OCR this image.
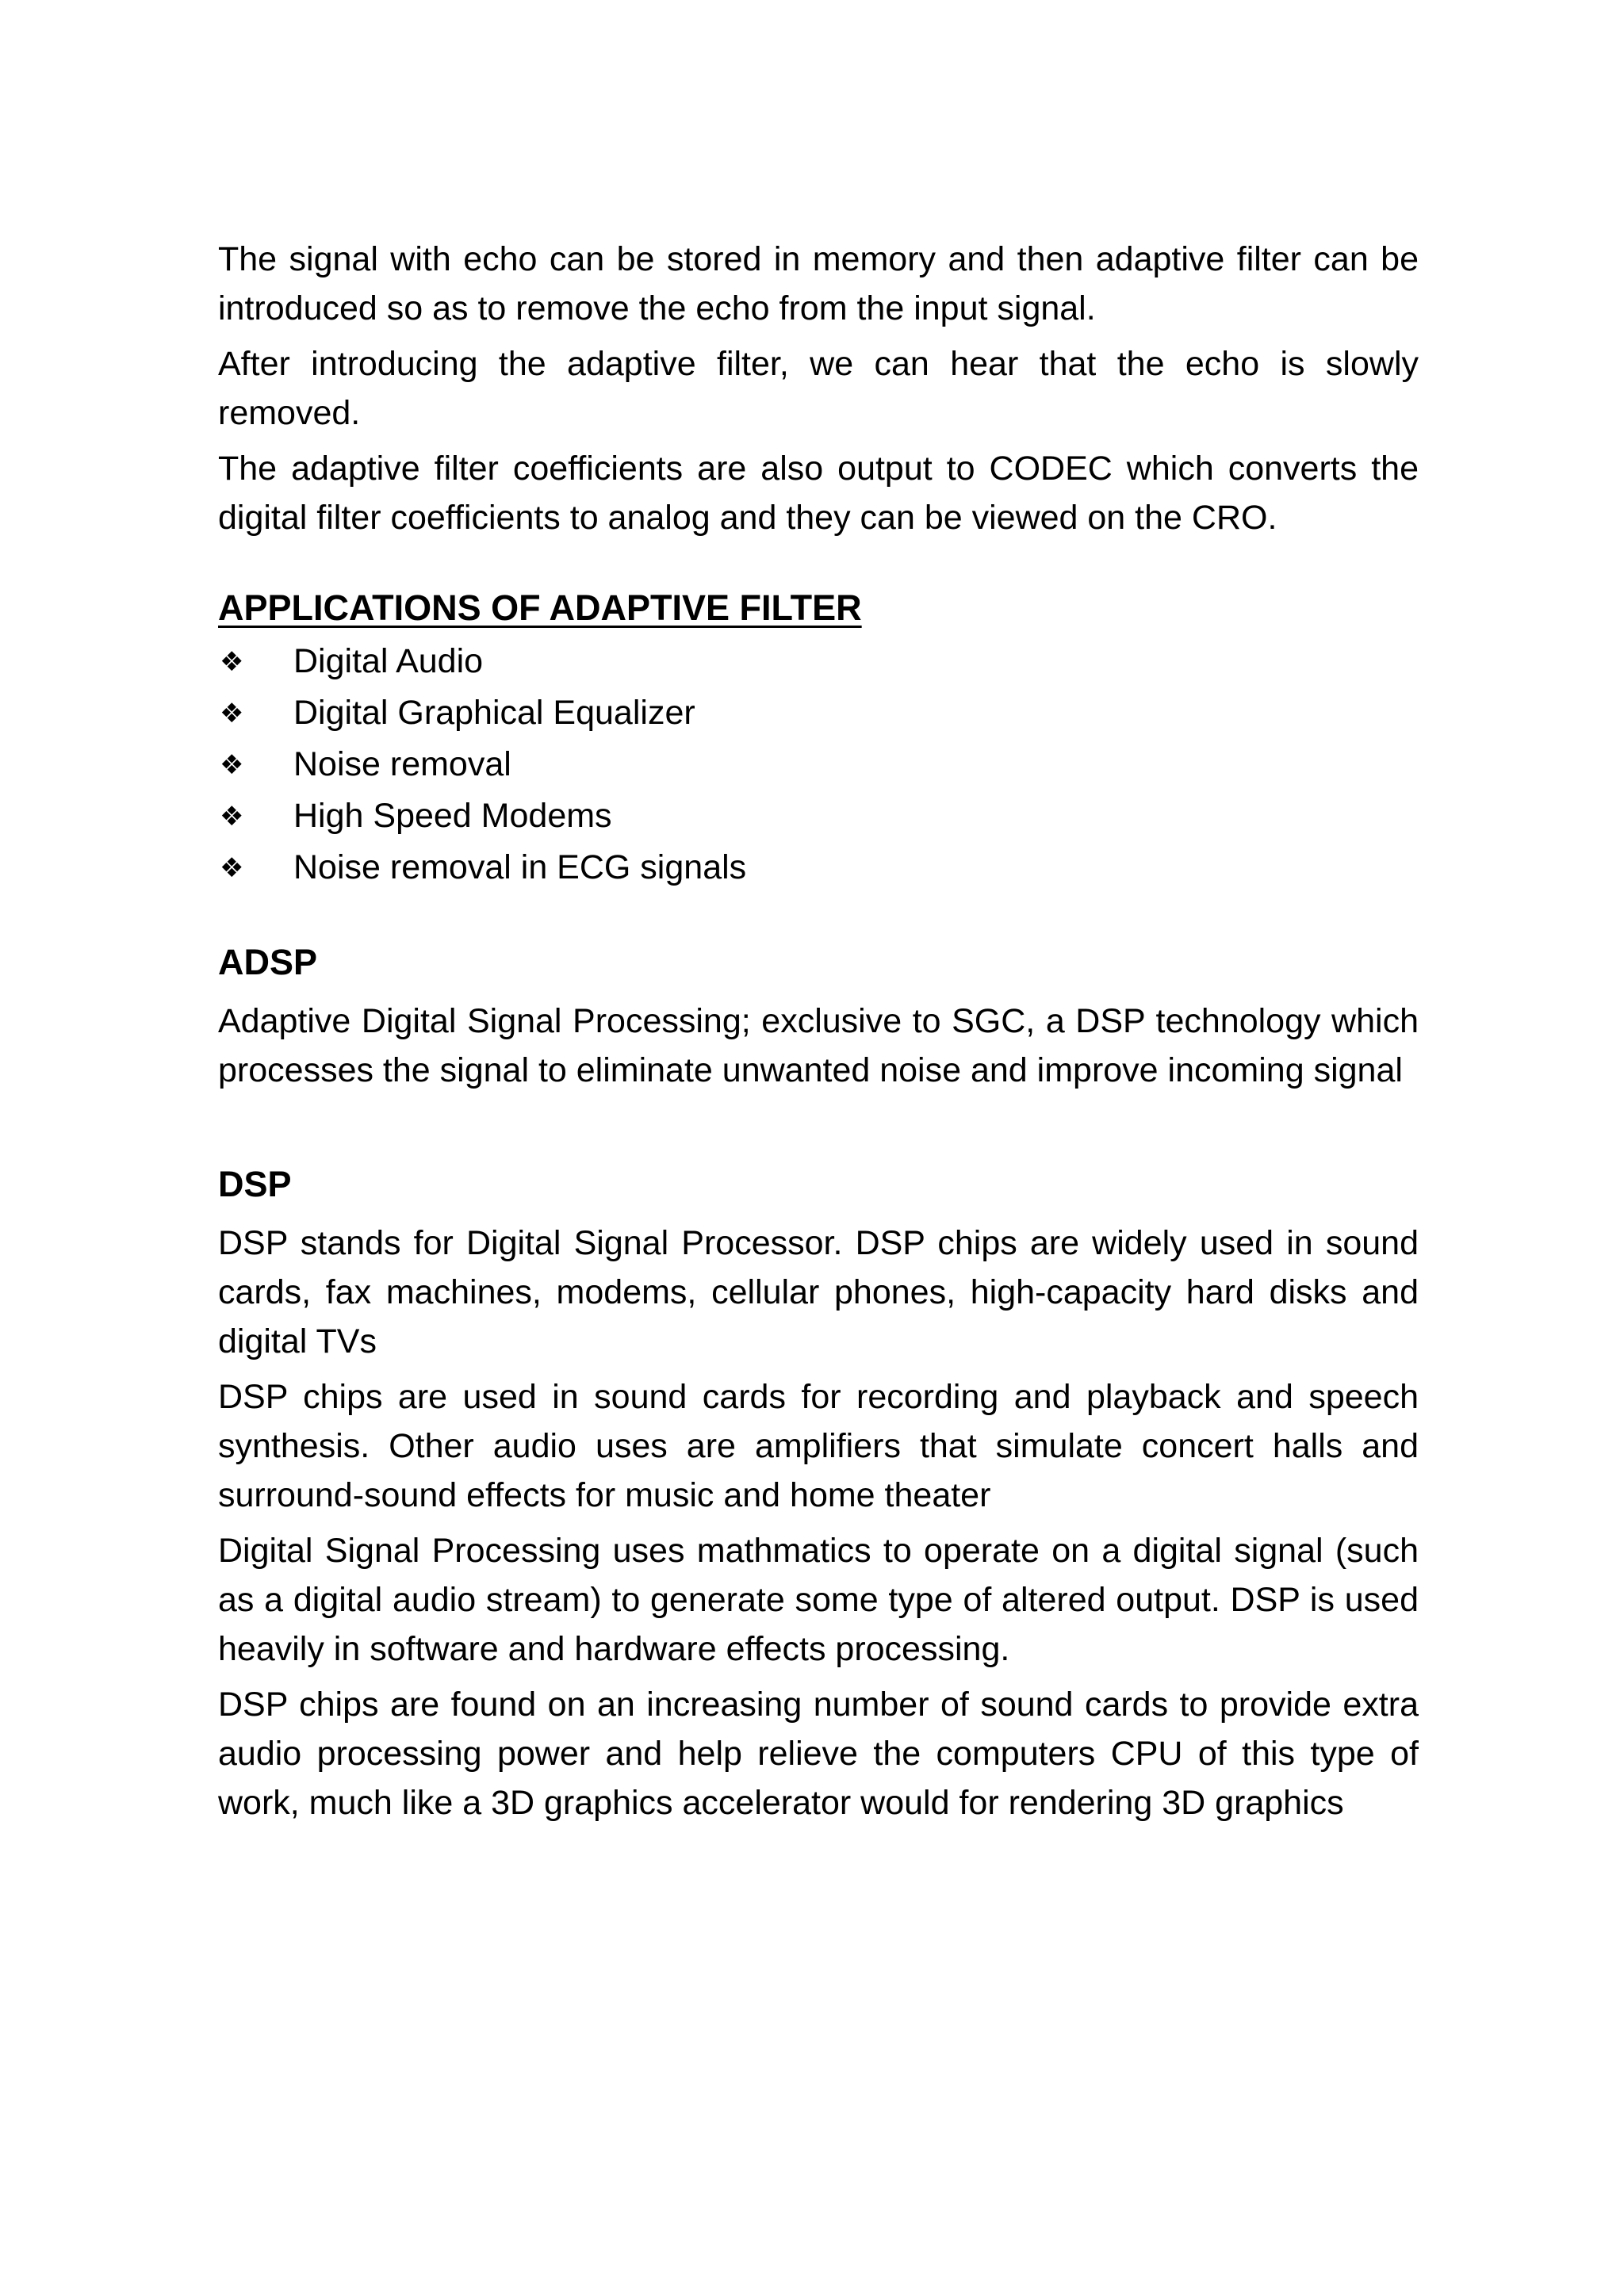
The signal with echo can be stored in memory and then adaptive filter can be introduced so as to remove the echo from the input signal.

After introducing the adaptive filter, we can hear that the echo is slowly removed.

The adaptive filter coefficients are also output to CODEC which converts the digital filter coefficients to analog and they can be viewed on the CRO.

APPLICATIONS OF ADAPTIVE FILTER
❖	Digital Audio
❖	Digital Graphical Equalizer
❖	Noise removal
❖	High Speed Modems
❖	Noise removal in ECG signals
ADSP

Adaptive Digital Signal Processing; exclusive to SGC, a DSP technology which processes the signal to eliminate unwanted noise and improve incoming signal

DSP

DSP stands for Digital Signal Processor. DSP chips are widely used in sound cards, fax machines, modems, cellular phones, high-capacity hard disks and digital TVs

DSP chips are used in sound cards for recording and playback and speech synthesis. Other audio uses are amplifiers that simulate concert halls and surround-sound effects for music and home theater

Digital Signal Processing uses mathmatics to operate on a digital signal (such as a digital audio stream) to generate some type of altered output. DSP is used heavily in software and hardware effects processing.

DSP chips are found on an increasing number of sound cards to provide extra audio processing power and help relieve the computers CPU of this type of work, much like a 3D graphics accelerator would for rendering 3D graphics
